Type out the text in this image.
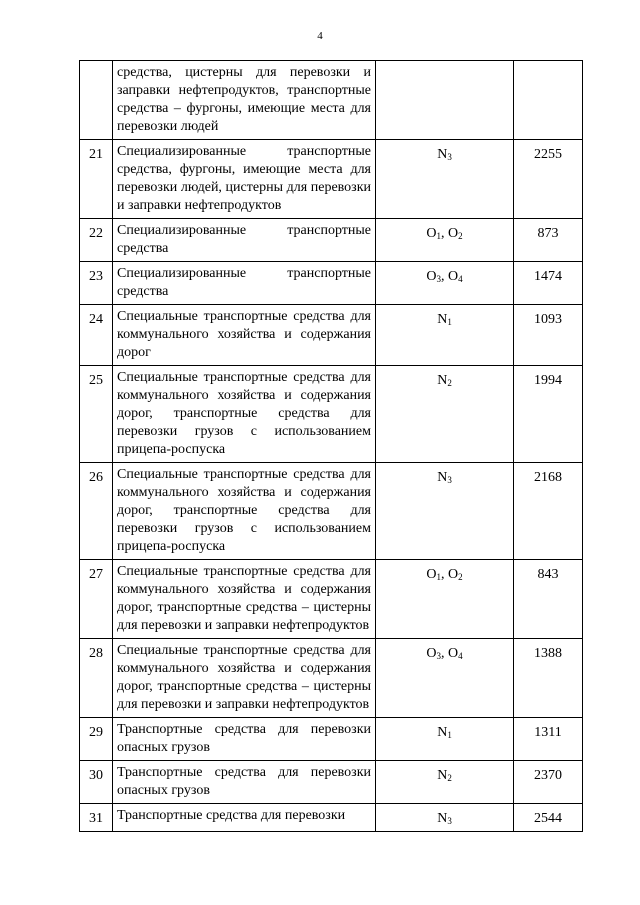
4
	средства, цистерны для перевозки и заправки нефтепродуктов, транспортные средства – фургоны, имеющие места для перевозки людей		
21	Специализированные транспортные средства, фургоны, имеющие места для перевозки людей, цистерны для перевозки и заправки нефтепродуктов	$N_3$	2255
22	Специализированные транспортные средства	$O_1$, $O_2$	873
23	Специализированные транспортные средства	$O_3$, $O_4$	1474
24	Специальные транспортные средства для коммунального хозяйства и содержания дорог	$N_1$	1093
25	Специальные транспортные средства для коммунального хозяйства и содержания дорог, транспортные средства для перевозки грузов с использованием прицепа-роспуска	$N_2$	1994
26	Специальные транспортные средства для коммунального хозяйства и содержания дорог, транспортные средства для перевозки грузов с использованием прицепа-роспуска	$N_3$	2168
27	Специальные транспортные средства для коммунального хозяйства и содержания дорог, транспортные средства – цистерны для перевозки и заправки нефтепродуктов	$O_1$, $O_2$	843
28	Специальные транспортные средства для коммунального хозяйства и содержания дорог, транспортные средства – цистерны для перевозки и заправки нефтепродуктов	$O_3$, $O_4$	1388
29	Транспортные средства для перевозки опасных грузов	$N_1$	1311
30	Транспортные средства для перевозки опасных грузов	$N_2$	2370
31	Транспортные средства для перевозки	$N_3$	2544
